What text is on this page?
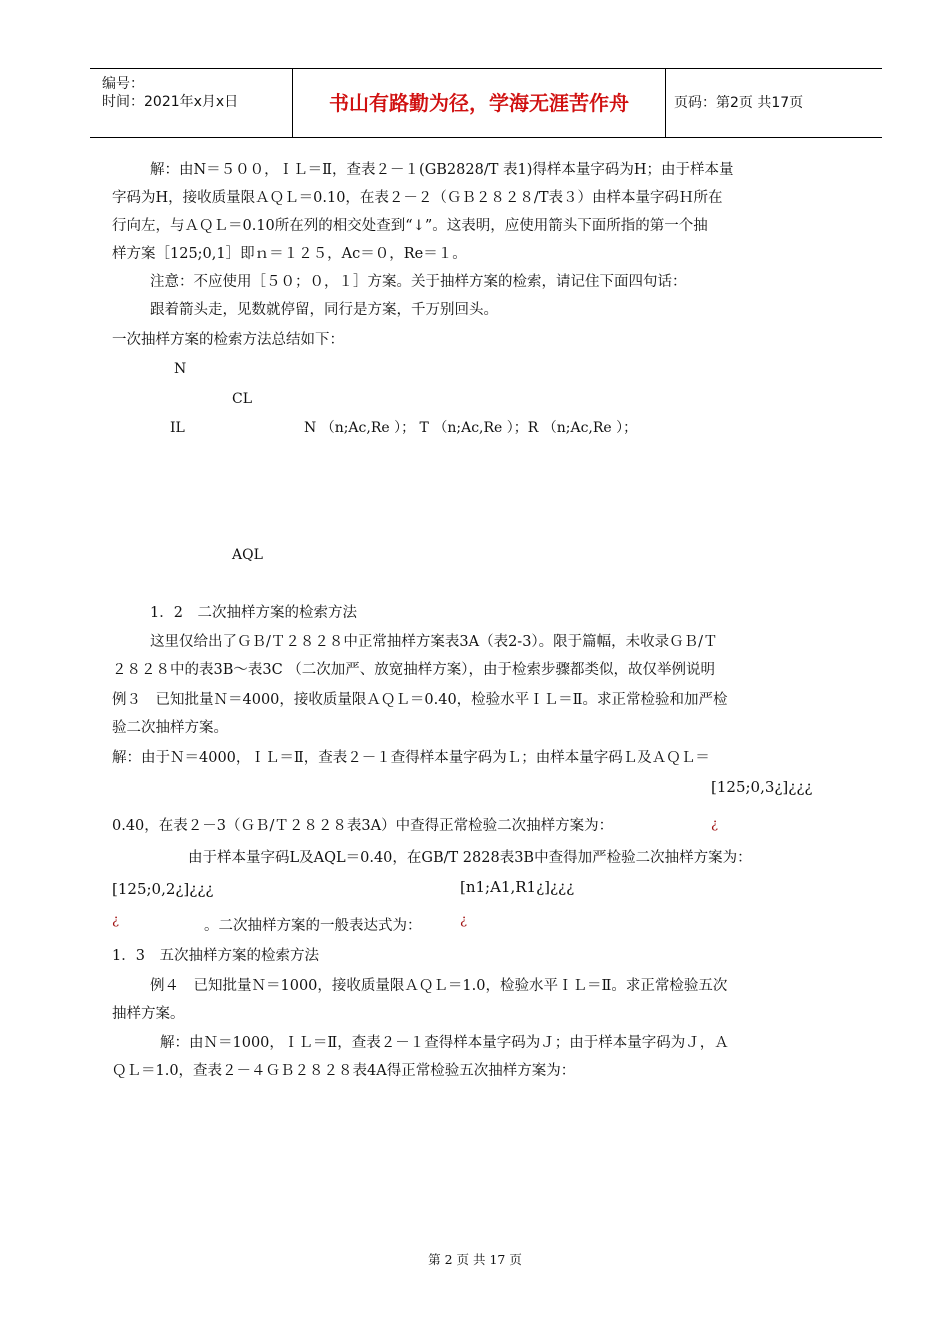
编号：
时间：2021年x月x日	书山有路勤为径，学海无涯苦作舟	页码：第2页 共17页
解：由N＝５００，ＩＬ＝Ⅱ，查表２－１(GB2828/T 表1)得样本量字码为H；由于样本量
字码为H，接收质量限ＡＱＬ＝0.10，在表２－２（ＧＢ２８２８/T表３）由样本量字码Ｈ所在
行向左，与ＡＱＬ＝0.10所在列的相交处查到“↓”。这表明，应使用箭头下面所指的第一个抽
样方案［125;0,1］即ｎ＝１２５，Ac＝０，Re＝１。
注意：不应使用［５０；０，１］方案。关于抽样方案的检索，请记住下面四句话：
跟着箭头走，见数就停留，同行是方案，千万别回头。
一次抽样方案的检索方法总结如下：
N
CL
IL	N （n;Ac,Re ）； T （n;Ac,Re ）；R （n;Ac,Re ）；
AQL
1．2　二次抽样方案的检索方法
这里仅给出了ＧＢ/Ｔ２８２８中正常抽样方案表3A（表2-3）。限于篇幅，未收录ＧＢ/Ｔ
２８２８中的表3B～表3C （二次加严、放宽抽样方案），由于检索步骤都类似，故仅举例说明
例３　已知批量Ｎ＝4000，接收质量限ＡＱＬ＝0.40，检验水平ＩＬ＝Ⅱ。求正常检验和加严检
验二次抽样方案。
解：由于Ｎ＝4000，ＩＬ＝Ⅱ，查表２－１查得样本量字码为Ｌ；由样本量字码Ｌ及ＡＱＬ＝
[125;0,3¿]¿¿¿
0.40，在表２－3（ＧＢ/Ｔ２８２８表3A）中查得正常检验二次抽样方案为：	¿
由于样本量字码L及AQL＝0.40，在GB/T 2828表3B中查得加严检验二次抽样方案为：
[125;0,2¿]¿¿¿
¿
[n1;A1,R1¿]¿¿¿
¿
。二次抽样方案的一般表达式为：
1．3　五次抽样方案的检索方法
例４　已知批量Ｎ＝1000，接收质量限ＡＱＬ＝1.0，检验水平ＩＬ＝Ⅱ。求正常检验五次
抽样方案。
解：由Ｎ＝1000，ＩＬ＝Ⅱ，查表２－１查得样本量字码为Ｊ；由于样本量字码为Ｊ，Ａ
ＱＬ＝1.0，查表２－４ＧＢ２８２８表4A得正常检验五次抽样方案为：
第 2 页 共 17 页
